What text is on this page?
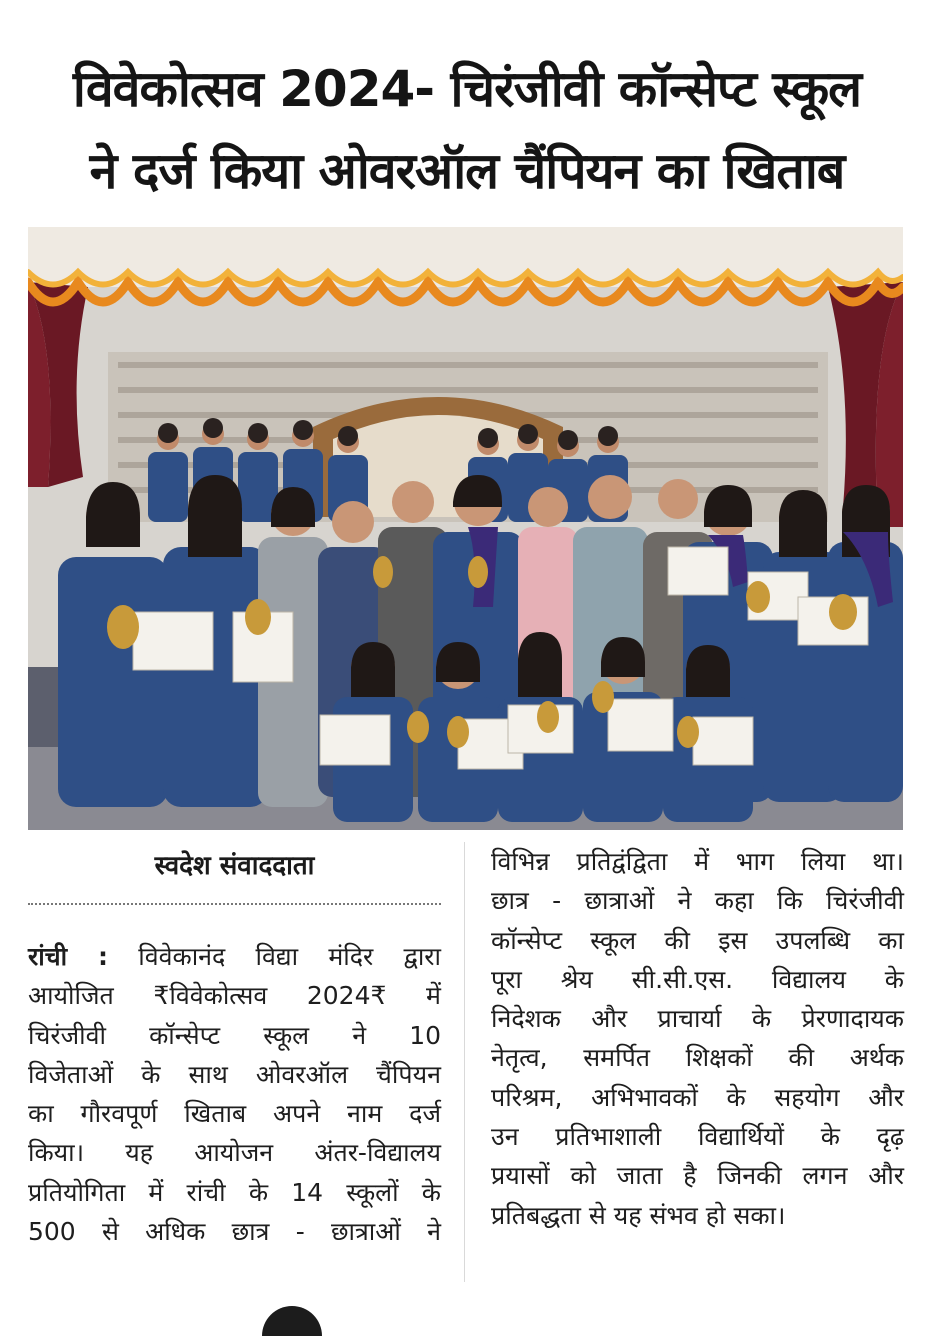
विवेकोत्सव 2024- चिरंजीवी कॉन्सेप्ट स्कूल
ने दर्ज किया ओवरऑल चैंपियन का खिताब
स्वदेश संवाददाता
रांची : विवेकानंद विद्या मंदिर द्वारा
आयोजित ₹विवेकोत्सव 2024₹ में
चिरंजीवी कॉन्सेप्ट स्कूल ने 10
विजेताओं के साथ ओवरऑल चैंपियन
का गौरवपूर्ण खिताब अपने नाम दर्ज
किया। यह आयोजन अंतर-विद्यालय
प्रतियोगिता में रांची के 14 स्कूलों के
500 से अधिक छात्र - छात्राओं ने
विभिन्न प्रतिद्वंद्विता में भाग लिया था।
छात्र - छात्राओं ने कहा कि चिरंजीवी
कॉन्सेप्ट स्कूल की इस उपलब्धि का
पूरा श्रेय सी.सी.एस. विद्यालय के
निदेशक और प्राचार्या के प्रेरणादायक
नेतृत्व, समर्पित शिक्षकों की अर्थक
परिश्रम, अभिभावकों के सहयोग और
उन प्रतिभाशाली विद्यार्थियों के दृढ़
प्रयासों को जाता है जिनकी लगन और
प्रतिबद्धता से यह संभव हो सका।
